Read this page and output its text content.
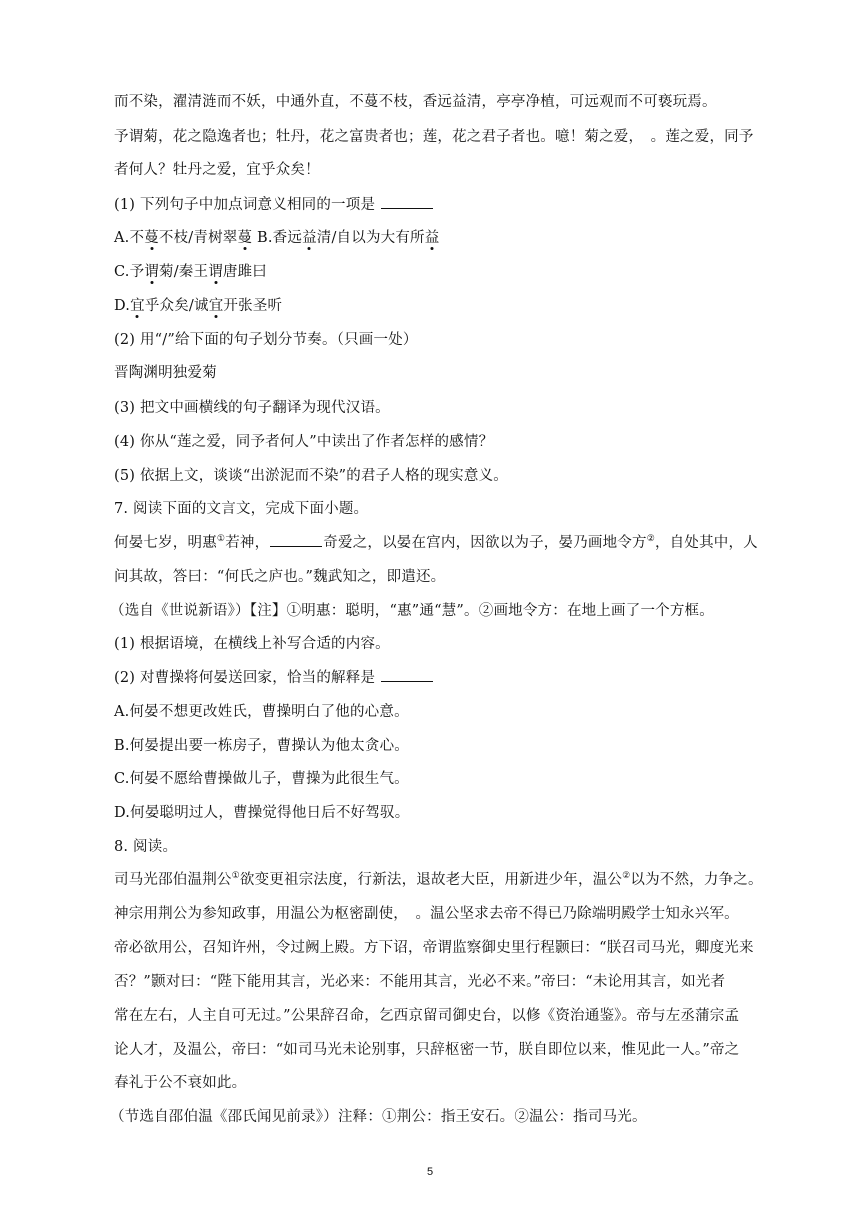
而不染，濯清涟而不妖，中通外直，不蔓不枝，香远益清，亭亭净植，可远观而不可亵玩焉。
予谓菊，花之隐逸者也；牡丹，花之富贵者也；莲，花之君子者也。噫！菊之爱，　。莲之爱，同予
者何人？牡丹之爱，宜乎众矣！
(1) 下列句子中加点词意义相同的一项是
A.不蔓不枝/青树翠蔓 B.香远益清/自以为大有所益
C.予谓菊/秦王谓唐雎曰
D.宜乎众矣/诚宜开张圣听
(2) 用“/”给下面的句子划分节奏。（只画一处）
晋陶渊明独爱菊
(3) 把文中画横线的句子翻译为现代汉语。
(4) 你从“莲之爱，同予者何人”中读出了作者怎样的感情？
(5) 依据上文，谈谈“出淤泥而不染”的君子人格的现实意义。
7. 阅读下面的文言文，完成下面小题。
何晏七岁，明惠①若神，	奇爱之，以晏在宫内，因欲以为子，晏乃画地令方②，自处其中，人
问其故，答曰：“何氏之庐也。”魏武知之，即遣还。
（选自《世说新语》）【注】①明惠：聪明，“惠”通“慧”。②画地令方：在地上画了一个方框。
(1) 根据语境，在横线上补写合适的内容。
(2) 对曹操将何晏送回家，恰当的解释是
A.何晏不想更改姓氏，曹操明白了他的心意。
B.何晏提出要一栋房子，曹操认为他太贪心。
C.何晏不愿给曹操做儿子，曹操为此很生气。
D.何晏聪明过人，曹操觉得他日后不好驾驭。
8. 阅读。
司马光邵伯温荆公①欲变更祖宗法度，行新法，退故老大臣，用新进少年，温公②以为不然，力争之。
神宗用荆公为参知政事，用温公为枢密副使，　。温公坚求去帝不得已乃除端明殿学士知永兴军。
帝必欲用公，召知许州，令过阙上殿。方下诏，帝谓监察御史里行程颢曰：“朕召司马光，卿度光来
否？”颢对曰：“陛下能用其言，光必来：不能用其言，光必不来。”帝曰：“未论用其言，如光者
常在左右，人主自可无过。”公果辞召命，乞西京留司御史台，以修《资治通鉴》。帝与左丞蒲宗孟
论人才，及温公，帝曰：“如司马光未论别事，只辞枢密一节，朕自即位以来，惟见此一人。”帝之
春礼于公不衰如此。
（节选自邵伯温《邵氏闻见前录》）注释：①荆公：指王安石。②温公：指司马光。
5
